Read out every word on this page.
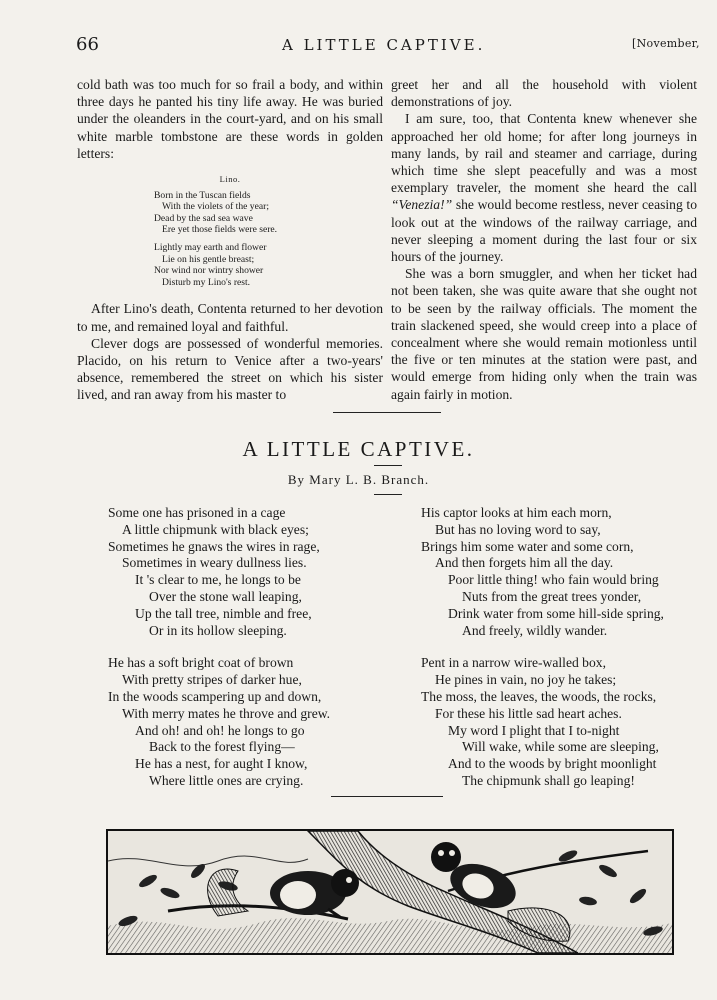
66	A LITTLE CAPTIVE.	[November,

cold bath was too much for so frail a body, and within three days he panted his tiny life away. He was buried under the oleanders in the court-yard, and on his small white marble tombstone are these words in golden letters:

Lino.
Born in the Tuscan fields
With the violets of the year;
Dead by the sad sea wave
Ere yet those fields were sere.
Lightly may earth and flower
Lie on his gentle breast;
Nor wind nor wintry shower
Disturb my Lino's rest.

After Lino's death, Contenta returned to her devotion to me, and remained loyal and faithful.

Clever dogs are possessed of wonderful memories. Placido, on his return to Venice after a two-years' absence, remembered the street on which his sister lived, and ran away from his master to

greet her and all the household with violent demonstrations of joy.

I am sure, too, that Contenta knew whenever she approached her old home; for after long journeys in many lands, by rail and steamer and carriage, during which time she slept peacefully and was a most exemplary traveler, the moment she heard the call “Venezia!” she would become restless, never ceasing to look out at the windows of the railway carriage, and never sleeping a moment during the last four or six hours of the journey.

She was a born smuggler, and when her ticket had not been taken, she was quite aware that she ought not to be seen by the railway officials. The moment the train slackened speed, she would creep into a place of concealment where she would remain motionless until the five or ten minutes at the station were past, and would emerge from hiding only when the train was again fairly in motion.

A LITTLE CAPTIVE.
By Mary L. B. Branch.
Some one has prisoned in a cage
A little chipmunk with black eyes;
Sometimes he gnaws the wires in rage,
Sometimes in weary dullness lies.
It 's clear to me, he longs to be
Over the stone wall leaping,
Up the tall tree, nimble and free,
Or in its hollow sleeping.
He has a soft bright coat of brown
With pretty stripes of darker hue,
In the woods scampering up and down,
With merry mates he throve and grew.
And oh! and oh! he longs to go
Back to the forest flying—
He has a nest, for aught I know,
Where little ones are crying.
His captor looks at him each morn,
But has no loving word to say,
Brings him some water and some corn,
And then forgets him all the day.
Poor little thing! who fain would bring
Nuts from the great trees yonder,
Drink water from some hill-side spring,
And freely, wildly wander.
Pent in a narrow wire-walled box,
He pines in vain, no joy he takes;
The moss, the leaves, the woods, the rocks,
For these his little sad heart aches.
My word I plight that I to-night
Will wake, while some are sleeping,
And to the woods by bright moonlight
The chipmunk shall go leaping!
